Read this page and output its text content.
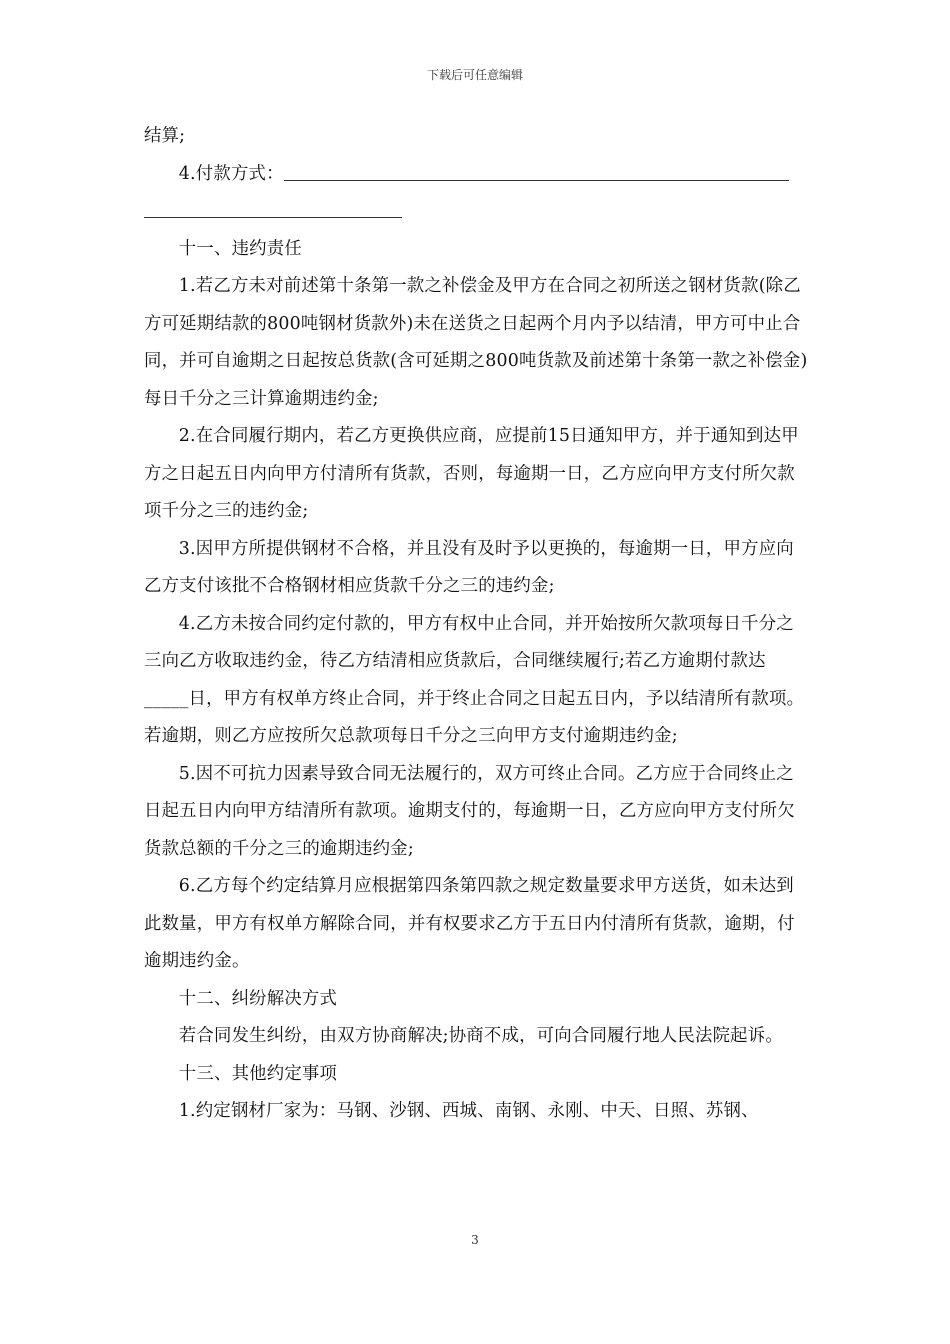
下载后可任意编辑

结算;

4.付款方式：

十一、违约责任

1.若乙方未对前述第十条第一款之补偿金及甲方在合同之初所送之钢材货款(除乙方可延期结款的800吨钢材货款外)未在送货之日起两个月内予以结清，甲方可中止合同，并可自逾期之日起按总货款(含可延期之800吨货款及前述第十条第一款之补偿金)每日千分之三计算逾期违约金;

2.在合同履行期内，若乙方更换供应商，应提前15日通知甲方，并于通知到达甲方之日起五日内向甲方付清所有货款，否则，每逾期一日，乙方应向甲方支付所欠款项千分之三的违约金;

3.因甲方所提供钢材不合格，并且没有及时予以更换的，每逾期一日，甲方应向乙方支付该批不合格钢材相应货款千分之三的违约金;

4.乙方未按合同约定付款的，甲方有权中止合同，并开始按所欠款项每日千分之三向乙方收取违约金，待乙方结清相应货款后，合同继续履行;若乙方逾期付款达_____日，甲方有权单方终止合同，并于终止合同之日起五日内，予以结清所有款项。若逾期，则乙方应按所欠总款项每日千分之三向甲方支付逾期违约金;

5.因不可抗力因素导致合同无法履行的，双方可终止合同。乙方应于合同终止之日起五日内向甲方结清所有款项。逾期支付的，每逾期一日，乙方应向甲方支付所欠货款总额的千分之三的逾期违约金;

6.乙方每个约定结算月应根据第四条第四款之规定数量要求甲方送货，如未达到此数量，甲方有权单方解除合同，并有权要求乙方于五日内付清所有货款，逾期，付逾期违约金。

十二、纠纷解决方式

若合同发生纠纷，由双方协商解决;协商不成，可向合同履行地人民法院起诉。

十三、其他约定事项

1.约定钢材厂家为：马钢、沙钢、西城、南钢、永刚、中天、日照、苏钢、

3
